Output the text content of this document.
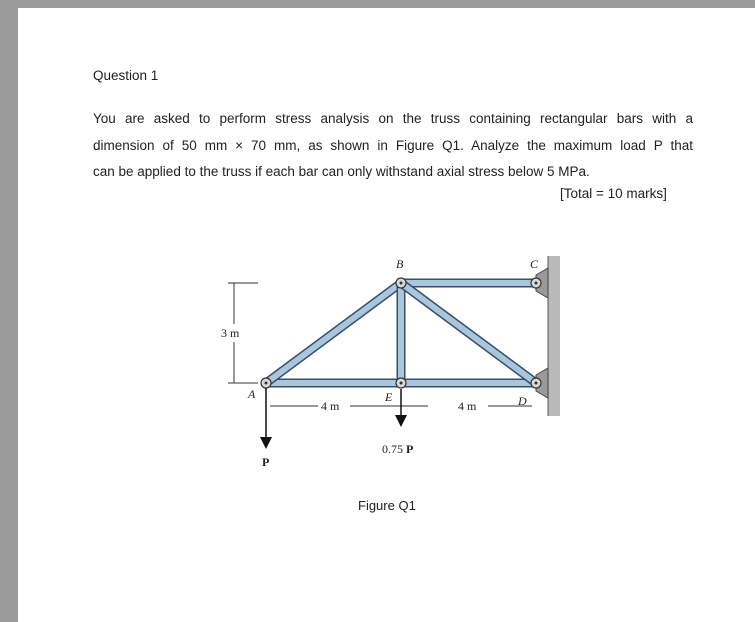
Question 1
You are asked to perform stress analysis on the truss containing rectangular bars with a
dimension of 50 mm × 70 mm, as shown in Figure Q1. Analyze the maximum load P that
can be applied to the truss if each bar can only withstand axial stress below 5 MPa.
[Total = 10 marks]
B	C
A	E	D
3 m
4 m	4 m
P
0.75 P
Figure Q1
